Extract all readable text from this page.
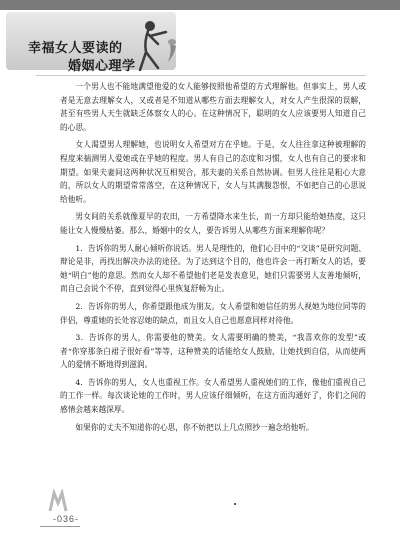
幸福女人要读的
婚姻心理学

一个男人也不能地满望他爱的女人能够按照他希望的方式理解他。但事实上，男人或者是无意去理解女人，又或者是不知道从哪些方面去理解女人，对女人产生很深的误解，甚至有些男人天生就缺乏体察女人的心。在这种情况下，聪明的女人应该要男人知道自己的心思。

女人渴望男人理解她，也说明女人希望对方在乎她。于是，女人往往拿这种被理解的程度来揣测男人爱她或在乎她的程度。男人有自己的态度和习惯，女人也有自己的要求和期望。如果夫妻间这两种状况互相契合，那夫妻的关系自然协调。但男人往往是粗心大意的，所以女人的期望常常落空，在这种情况下，女人与其满腹怨恨，不如把自己的心思说给他听。

男女间的关系就像夏早的农田，一方希望降水来生长，而一方却只能给她热度，这只能让女人慢慢枯萎。那么，婚姻中的女人，要告诉男人从哪些方面来理解你呢？

1．告诉你的男人耐心倾听你说话。男人是理性的，他们心目中的“交谈”是研究问题、辩论是非，再找出解决办法的途径。为了达到这个目的，他也许会一再打断女人的话，要她“明白”他的意思。然而女人却不希望他们老是发表意见，她们只需要男人友善地倾听，而自己会说个不停，直到觉得心里恢复舒畅为止。

2．告诉你的男人，你希望跟他成为朋友。女人希望和她信任的男人视她为地位同等的伴侣，尊重她的长处容忍她的缺点，而且女人自己也愿意同样对待他。

3．告诉你的男人，你需要他的赞美。女人需要明确的赞美，“我喜欢你的发型”或者“你穿那条白裙子很好看”等等，这种赞美的话能给女人鼓励，让她找到自信，从而使两人的爱情不断地得到滋润。

4．告诉你的男人，女人也重视工作。女人希望男人重视她们的工作，像他们重视自己的工作一样。每次谈论她的工作时，男人应该仔细倾听，在这方面沟通好了，你们之间的感情会越来越深厚。

如果你的丈夫不知道你的心思，你不妨把以上几点照抄一遍念给他听。

-036-
